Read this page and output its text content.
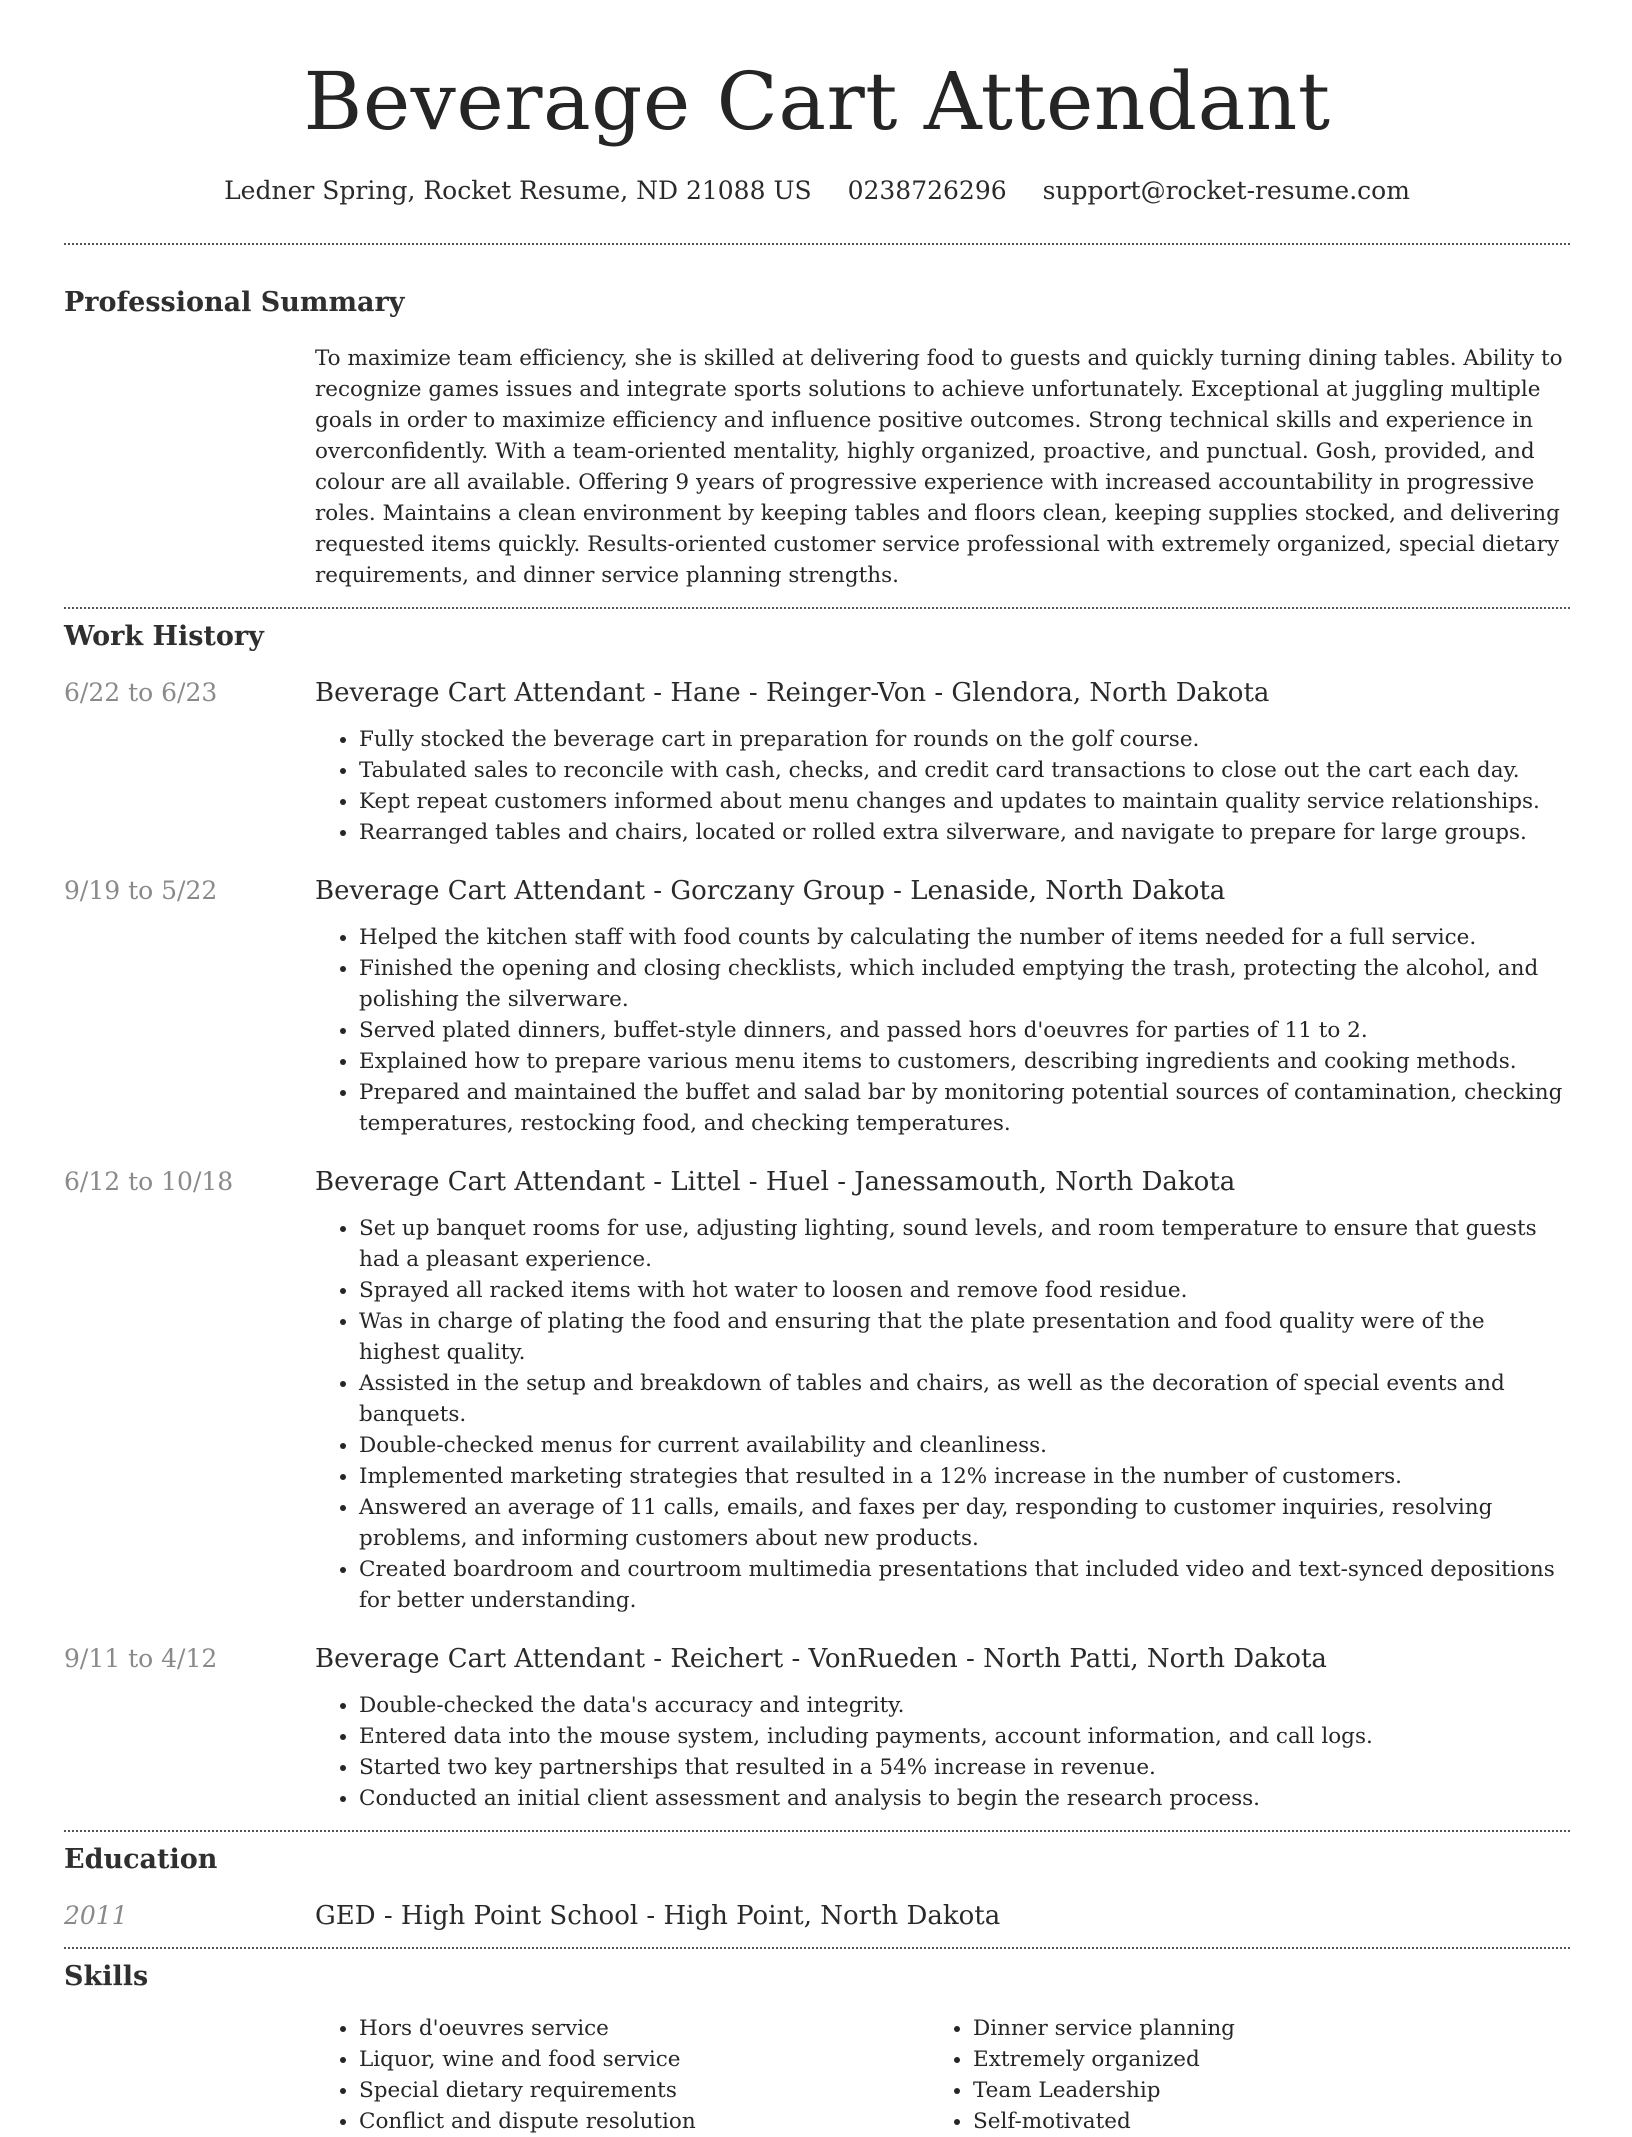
Beverage Cart Attendant
Ledner Spring, Rocket Resume, ND 21088 US 0238726296 support@rocket-resume.com
Professional Summary

To maximize team efficiency, she is skilled at delivering food to guests and quickly turning dining tables. Ability to recognize games issues and integrate sports solutions to achieve unfortunately. Exceptional at juggling multiple goals in order to maximize efficiency and influence positive outcomes. Strong technical skills and experience in overconfidently. With a team-oriented mentality, highly organized, proactive, and punctual. Gosh, provided, and colour are all available. Offering 9 years of progressive experience with increased accountability in progressive roles. Maintains a clean environment by keeping tables and floors clean, keeping supplies stocked, and delivering requested items quickly. Results-oriented customer service professional with extremely organized, special dietary requirements, and dinner service planning strengths.

Work History
6/22 to 6/23	Beverage Cart Attendant - Hane - Reinger-Von - Glendora, North Dakota
• Fully stocked the beverage cart in preparation for rounds on the golf course.
• Tabulated sales to reconcile with cash, checks, and credit card transactions to close out the cart each day.
• Kept repeat customers informed about menu changes and updates to maintain quality service relationships.
• Rearranged tables and chairs, located or rolled extra silverware, and navigate to prepare for large groups.
9/19 to 5/22	Beverage Cart Attendant - Gorczany Group - Lenaside, North Dakota
• Helped the kitchen staff with food counts by calculating the number of items needed for a full service.
• Finished the opening and closing checklists, which included emptying the trash, protecting the alcohol, and polishing the silverware.
• Served plated dinners, buffet-style dinners, and passed hors d'oeuvres for parties of 11 to 2.
• Explained how to prepare various menu items to customers, describing ingredients and cooking methods.
• Prepared and maintained the buffet and salad bar by monitoring potential sources of contamination, checking temperatures, restocking food, and checking temperatures.
6/12 to 10/18	Beverage Cart Attendant - Littel - Huel - Janessamouth, North Dakota
• Set up banquet rooms for use, adjusting lighting, sound levels, and room temperature to ensure that guests had a pleasant experience.
• Sprayed all racked items with hot water to loosen and remove food residue.
• Was in charge of plating the food and ensuring that the plate presentation and food quality were of the highest quality.
• Assisted in the setup and breakdown of tables and chairs, as well as the decoration of special events and banquets.
• Double-checked menus for current availability and cleanliness.
• Implemented marketing strategies that resulted in a 12% increase in the number of customers.
• Answered an average of 11 calls, emails, and faxes per day, responding to customer inquiries, resolving problems, and informing customers about new products.
• Created boardroom and courtroom multimedia presentations that included video and text-synced depositions for better understanding.
9/11 to 4/12	Beverage Cart Attendant - Reichert - VonRueden - North Patti, North Dakota
• Double-checked the data's accuracy and integrity.
• Entered data into the mouse system, including payments, account information, and call logs.
• Started two key partnerships that resulted in a 54% increase in revenue.
• Conducted an initial client assessment and analysis to begin the research process.
Education
2011	GED - High Point School - High Point, North Dakota
Skills
• Hors d'oeuvres service
• Liquor, wine and food service
• Special dietary requirements
• Conflict and dispute resolution
• Dinner service planning
• Extremely organized
• Team Leadership
• Self-motivated
